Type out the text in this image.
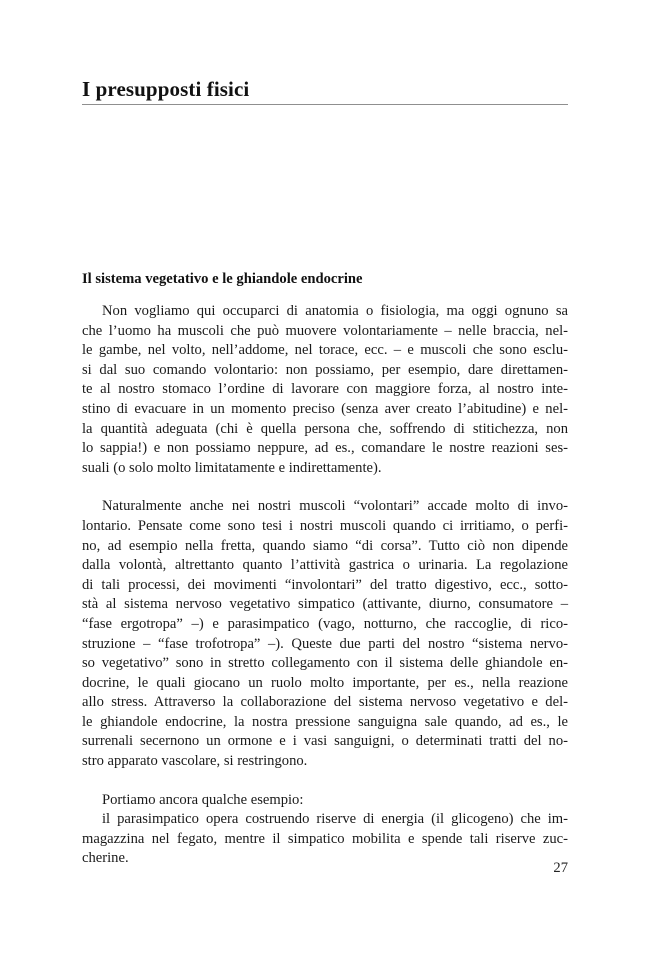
I presupposti fisici
Il sistema vegetativo e le ghiandole endocrine

Non vogliamo qui occuparci di anatomia o fisiologia, ma oggi ognuno sa
che l’uomo ha muscoli che può muovere volontariamente – nelle braccia, nel-
le gambe, nel volto, nell’addome, nel torace, ecc. – e muscoli che sono esclu-
si dal suo comando volontario: non possiamo, per esempio, dare direttamen-
te al nostro stomaco l’ordine di lavorare con maggiore forza, al nostro inte-
stino di evacuare in un momento preciso (senza aver creato l’abitudine) e nel-
la quantità adeguata (chi è quella persona che, soffrendo di stitichezza, non
lo sappia!) e non possiamo neppure, ad es., comandare le nostre reazioni ses-
suali (o solo molto limitatamente e indirettamente).

Naturalmente anche nei nostri muscoli “volontari” accade molto di invo-
lontario. Pensate come sono tesi i nostri muscoli quando ci irritiamo, o perfi-
no, ad esempio nella fretta, quando siamo “di corsa”. Tutto ciò non dipende
dalla volontà, altrettanto quanto l’attività gastrica o urinaria. La regolazione
di tali processi, dei movimenti “involontari” del tratto digestivo, ecc., sotto-
stà al sistema nervoso vegetativo simpatico (attivante, diurno, consumatore –
“fase ergotropa” –) e parasimpatico (vago, notturno, che raccoglie, di rico-
struzione – “fase trofotropa” –). Queste due parti del nostro “sistema nervo-
so vegetativo” sono in stretto collegamento con il sistema delle ghiandole en-
docrine, le quali giocano un ruolo molto importante, per es., nella reazione
allo stress. Attraverso la collaborazione del sistema nervoso vegetativo e del-
le ghiandole endocrine, la nostra pressione sanguigna sale quando, ad es., le
surrenali secernono un ormone e i vasi sanguigni, o determinati tratti del no-
stro apparato vascolare, si restringono.

Portiamo ancora qualche esempio:

il parasimpatico opera costruendo riserve di energia (il glicogeno) che im-
magazzina nel fegato, mentre il simpatico mobilita e spende tali riserve zuc-
cherine.

27
